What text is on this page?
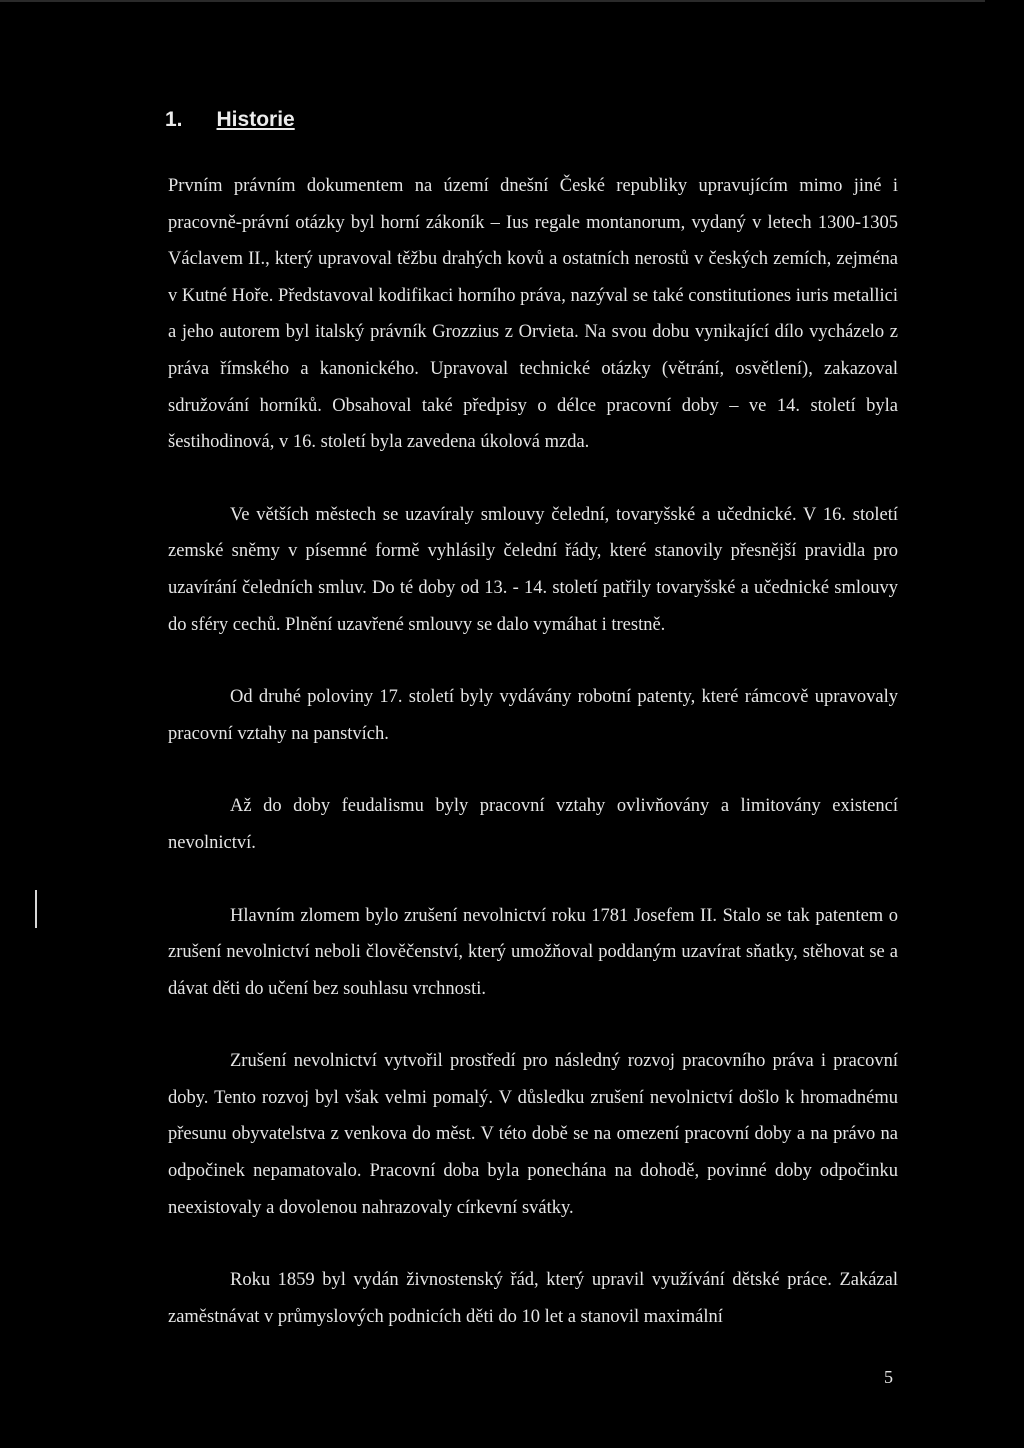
1. Historie

Prvním právním dokumentem na území dnešní České republiky upravujícím mimo jiné i pracovně-právní otázky byl horní zákoník – Ius regale montanorum, vydaný v letech 1300-1305 Václavem II., který upravoval těžbu drahých kovů a ostatních nerostů v českých zemích, zejména v Kutné Hoře. Představoval kodifikaci horního práva, nazýval se také constitutiones iuris metallici a jeho autorem byl italský právník Grozzius z Orvieta. Na svou dobu vynikající dílo vycházelo z práva římského a kanonického. Upravoval technické otázky (větrání, osvětlení), zakazoval sdružování horníků. Obsahoval také předpisy o délce pracovní doby – ve 14. století byla šestihodinová, v 16. století byla zavedena úkolová mzda.

Ve větších městech se uzavíraly smlouvy čelední, tovaryšské a učednické. V 16. století zemské sněmy v písemné formě vyhlásily čelední řády, které stanovily přesnější pravidla pro uzavírání čeledních smluv. Do té doby od 13. - 14. století patřily tovaryšské a učednické smlouvy do sféry cechů. Plnění uzavřené smlouvy se dalo vymáhat i trestně.

Od druhé poloviny 17. století byly vydávány robotní patenty, které rámcově upravovaly pracovní vztahy na panstvích.

Až do doby feudalismu byly pracovní vztahy ovlivňovány a limitovány existencí nevolnictví.

Hlavním zlomem bylo zrušení nevolnictví roku 1781 Josefem II. Stalo se tak patentem o zrušení nevolnictví neboli člověčenství, který umožňoval poddaným uzavírat sňatky, stěhovat se a dávat děti do učení bez souhlasu vrchnosti.

Zrušení nevolnictví vytvořil prostředí pro následný rozvoj pracovního práva i pracovní doby. Tento rozvoj byl však velmi pomalý. V důsledku zrušení nevolnictví došlo k hromadnému přesunu obyvatelstva z venkova do měst. V této době se na omezení pracovní doby a na právo na odpočinek nepamatovalo. Pracovní doba byla ponechána na dohodě, povinné doby odpočinku neexistovaly a dovolenou nahrazovaly církevní svátky.

Roku 1859 byl vydán živnostenský řád, který upravil využívání dětské práce. Zakázal zaměstnávat v průmyslových podnicích děti do 10 let a stanovil maximální

5
